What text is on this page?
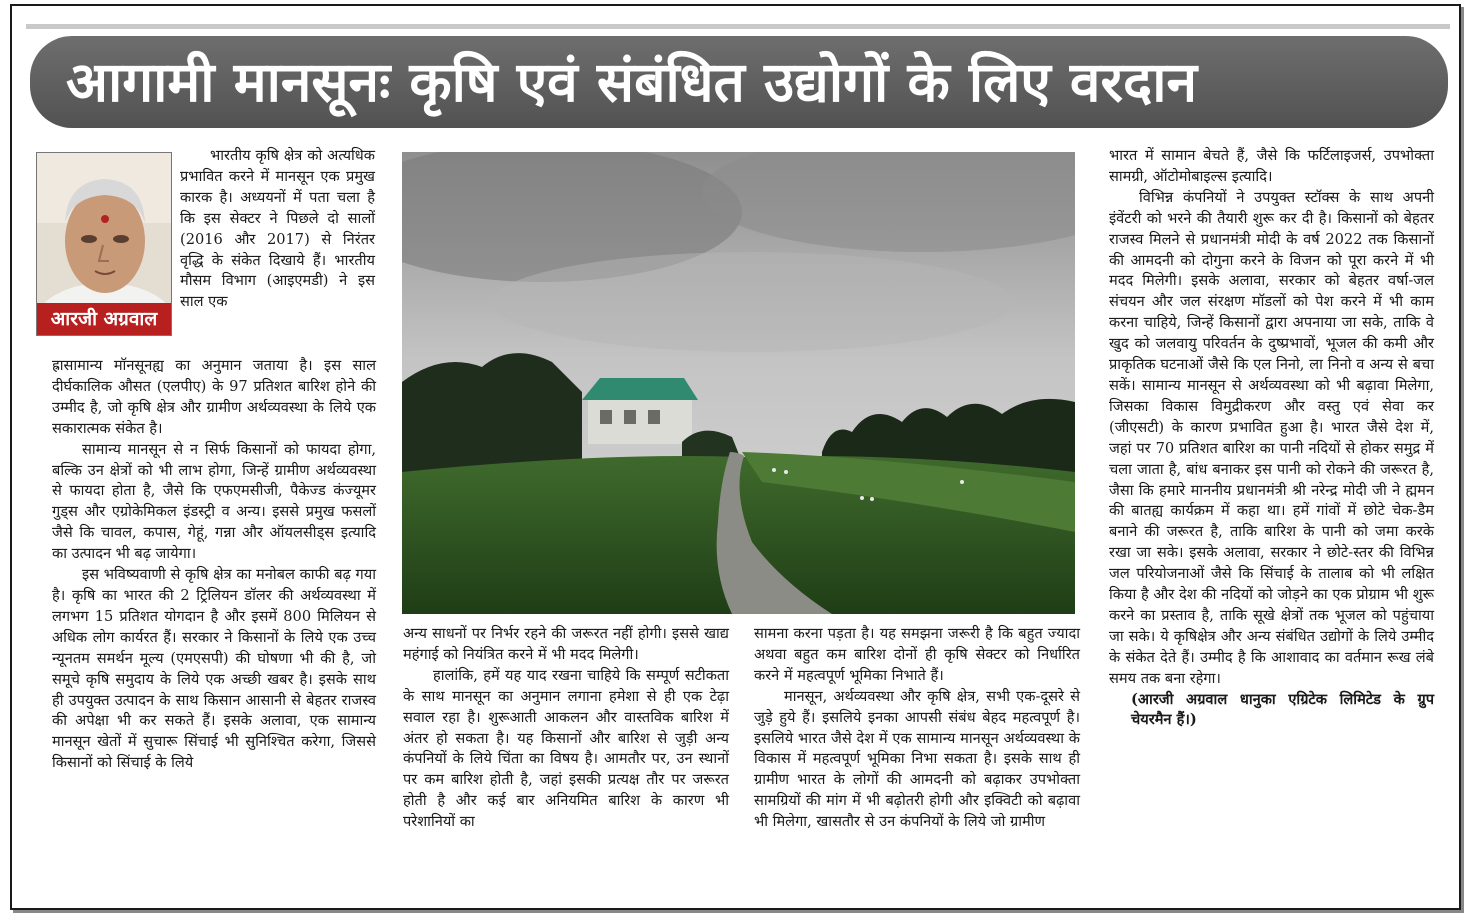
आगामी मानसूनः कृषि एवं संबंधित उद्योगों के लिए वरदान
आरजी अग्रवाल

भारतीय कृषि क्षेत्र को अत्यधिक प्रभावित करने में मानसून एक प्रमुख कारक है। अध्ययनों में पता चला है कि इस सेक्टर ने पिछले दो सालों (2016 और 2017) से निरंतर वृद्धि के संकेत दिखाये हैं। भारतीय मौसम विभाग (आइएमडी) ने इस साल एक

ह्रासामान्य मॉनसूनह्य का अनुमान जताया है। इस साल दीर्घकालिक औसत (एलपीए) के 97 प्रतिशत बारिश होने की उम्मीद है, जो कृषि क्षेत्र और ग्रामीण अर्थव्यवस्था के लिये एक सकारात्मक संकेत है।

सामान्य मानसून से न सिर्फ किसानों को फायदा होगा, बल्कि उन क्षेत्रों को भी लाभ होगा, जिन्हें ग्रामीण अर्थव्यवस्था से फायदा होता है, जैसे कि एफएमसीजी, पैकेज्ड कंज्यूमर गुड्स और एग्रोकेमिकल इंडस्ट्री व अन्य। इससे प्रमुख फसलों जैसे कि चावल, कपास, गेहूं, गन्ना और ऑयलसीड्स इत्यादि का उत्पादन भी बढ़ जायेगा।

इस भविष्यवाणी से कृषि क्षेत्र का मनोबल काफी बढ़ गया है। कृषि का भारत की 2 ट्रिलियन डॉलर की अर्थव्यवस्था में लगभग 15 प्रतिशत योगदान है और इसमें 800 मिलियन से अधिक लोग कार्यरत हैं। सरकार ने किसानों के लिये एक उच्च न्यूनतम समर्थन मूल्य (एमएसपी) की घोषणा भी की है, जो समूचे कृषि समुदाय के लिये एक अच्छी खबर है। इसके साथ ही उपयुक्त उत्पादन के साथ किसान आसानी से बेहतर राजस्व की अपेक्षा भी कर सकते हैं। इसके अलावा, एक सामान्य मानसून खेतों में सुचारू सिंचाई भी सुनिश्चित करेगा, जिससे किसानों को सिंचाई के लिये

अन्य साधनों पर निर्भर रहने की जरूरत नहीं होगी। इससे खाद्य महंगाई को नियंत्रित करने में भी मदद मिलेगी।

हालांकि, हमें यह याद रखना चाहिये कि सम्पूर्ण सटीकता के साथ मानसून का अनुमान लगाना हमेशा से ही एक टेढ़ा सवाल रहा है। शुरूआती आकलन और वास्तविक बारिश में अंतर हो सकता है। यह किसानों और बारिश से जुड़ी अन्य कंपनियों के लिये चिंता का विषय है। आमतौर पर, उन स्थानों पर कम बारिश होती है, जहां इसकी प्रत्यक्ष तौर पर जरूरत होती है और कई बार अनियमित बारिश के कारण भी परेशानियों का

सामना करना पड़ता है। यह समझना जरूरी है कि बहुत ज्यादा अथवा बहुत कम बारिश दोनों ही कृषि सेक्टर को निर्धारित करने में महत्वपूर्ण भूमिका निभाते हैं।

मानसून, अर्थव्यवस्था और कृषि क्षेत्र, सभी एक-दूसरे से जुड़े हुये हैं। इसलिये इनका आपसी संबंध बेहद महत्वपूर्ण है। इसलिये भारत जैसे देश में एक सामान्य मानसून अर्थव्यवस्था के विकास में महत्वपूर्ण भूमिका निभा सकता है। इसके साथ ही ग्रामीण भारत के लोगों की आमदनी को बढ़ाकर उपभोक्ता सामग्रियों की मांग में भी बढ़ोतरी होगी और इक्विटी को बढ़ावा भी मिलेगा, खासतौर से उन कंपनियों के लिये जो ग्रामीण

भारत में सामान बेचते हैं, जैसे कि फर्टिलाइजर्स, उपभोक्ता सामग्री, ऑटोमोबाइल्स इत्यादि।

विभिन्न कंपनियों ने उपयुक्त स्टॉक्स के साथ अपनी इंवेंटरी को भरने की तैयारी शुरू कर दी है। किसानों को बेहतर राजस्व मिलने से प्रधानमंत्री मोदी के वर्ष 2022 तक किसानों की आमदनी को दोगुना करने के विजन को पूरा करने में भी मदद मिलेगी। इसके अलावा, सरकार को बेहतर वर्षा-जल संचयन और जल संरक्षण मॉडलों को पेश करने में भी काम करना चाहिये, जिन्हें किसानों द्वारा अपनाया जा सके, ताकि वे खुद को जलवायु परिवर्तन के दुष्प्रभावों, भूजल की कमी और प्राकृतिक घटनाओं जैसे कि एल निनो, ला निनो व अन्य से बचा सकें। सामान्य मानसून से अर्थव्यवस्था को भी बढ़ावा मिलेगा, जिसका विकास विमुद्रीकरण और वस्तु एवं सेवा कर (जीएसटी) के कारण प्रभावित हुआ है। भारत जैसे देश में, जहां पर 70 प्रतिशत बारिश का पानी नदियों से होकर समुद्र में चला जाता है, बांध बनाकर इस पानी को रोकने की जरूरत है, जैसा कि हमारे माननीय प्रधानमंत्री श्री नरेन्द्र मोदी जी ने ह्ममन की बातह्य कार्यक्रम में कहा था। हमें गांवों में छोटे चेक-डैम बनाने की जरूरत है, ताकि बारिश के पानी को जमा करके रखा जा सके। इसके अलावा, सरकार ने छोटे-स्तर की विभिन्न जल परियोजनाओं जैसे कि सिंचाई के तालाब को भी लक्षित किया है और देश की नदियों को जोड़ने का एक प्रोग्राम भी शुरू करने का प्रस्ताव है, ताकि सूखे क्षेत्रों तक भूजल को पहुंचाया जा सके। ये कृषिक्षेत्र और अन्य संबंधित उद्योगों के लिये उम्मीद के संकेत देते हैं। उम्मीद है कि आशावाद का वर्तमान रूख लंबे समय तक बना रहेगा।

(आरजी अग्रवाल धानुका एग्रिटेक लिमिटेड के ग्रुप चेयरमैन हैं।)
